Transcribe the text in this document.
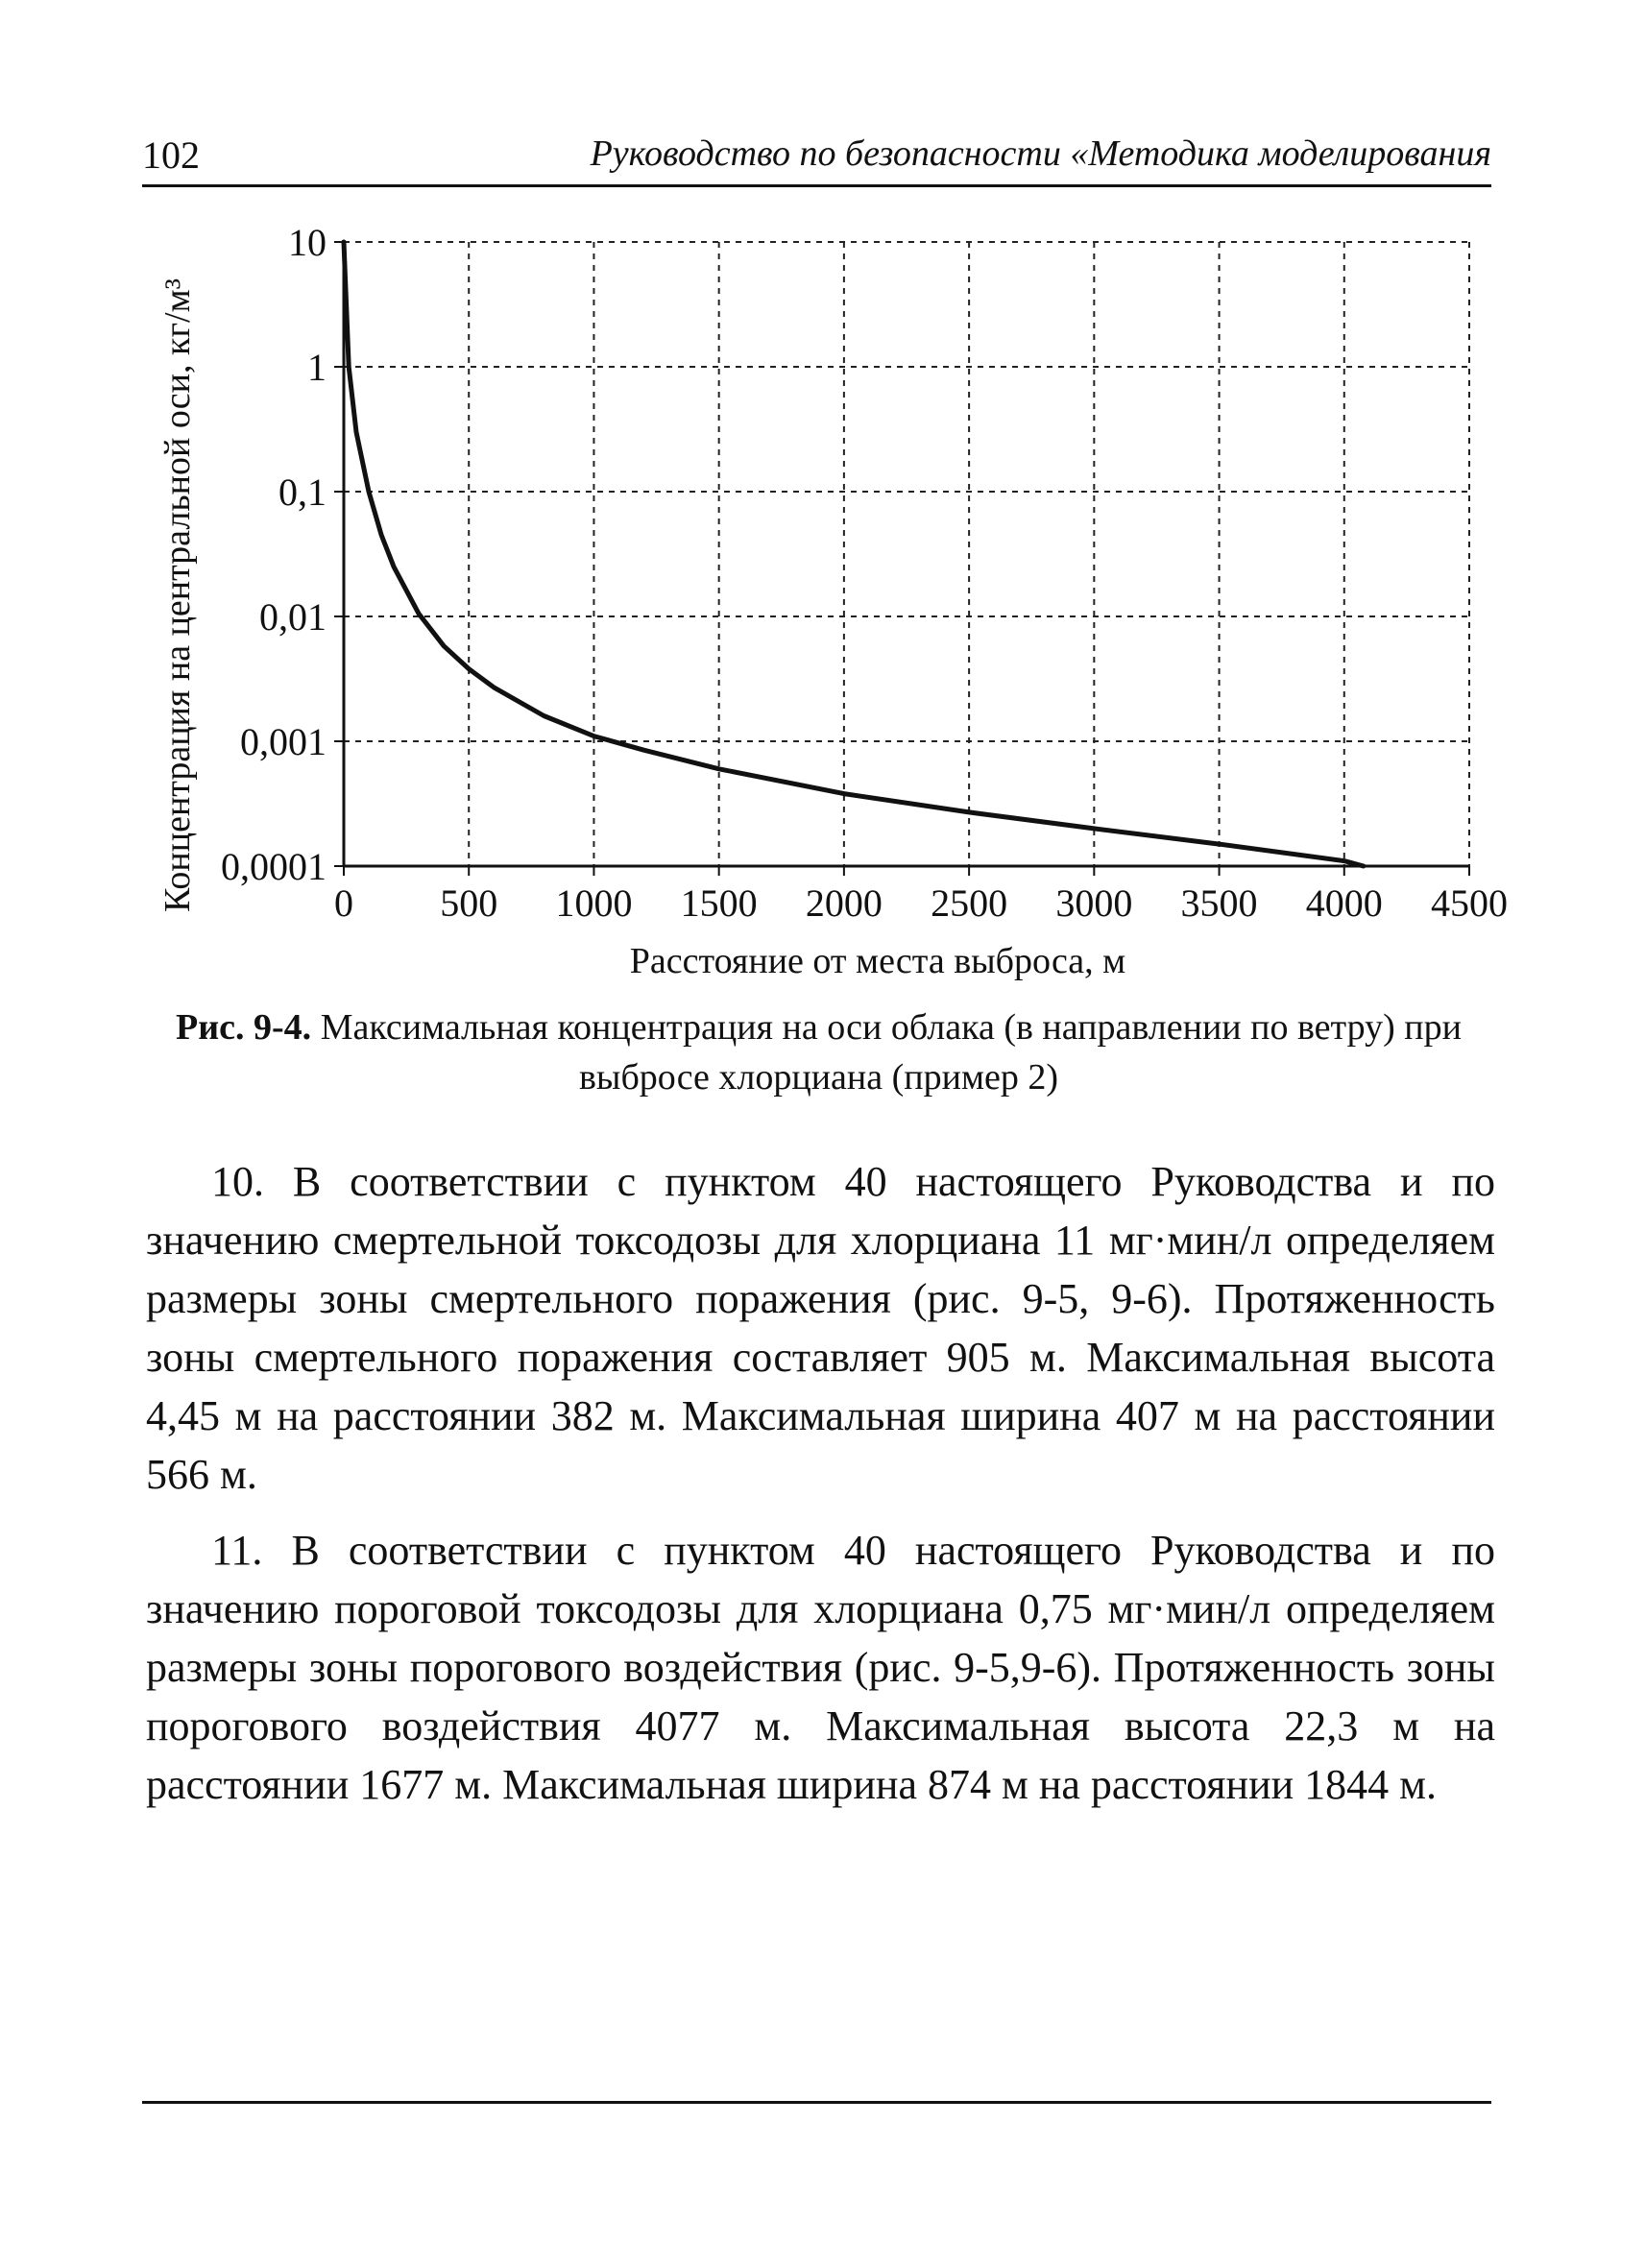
102	Руководство по безопасности «Методика моделирования
0 500 1000 1500 2000 2500 3000 3500 4000 4500
10
1
0,1
0,01
0,001
0,0001
Расстояние от места выброса, м
Концентрация на центральной оси, кг/м³
Рис. 9-4. Максимальная концентрация на оси облака (в направлении по ветру) при выбросе хлорциана (пример 2)

10. В соответствии с пунктом 40 настоящего Руководства и по значению смертельной токсодозы для хлорциана 11 мг·мин/л определяем размеры зоны смертельного поражения (рис. 9-5, 9-6). Протяженность зоны смертельного поражения составляет 905 м. Максимальная высота 4,45 м на расстоянии 382 м. Максимальная ширина 407 м на расстоянии 566 м.

11. В соответствии с пунктом 40 настоящего Руководства и по значению пороговой токсодозы для хлорциана 0,75 мг·мин/л определяем размеры зоны порогового воздействия (рис. 9-5,9-6). Протяженность зоны порогового воздействия 4077 м. Максимальная высота 22,3 м на расстоянии 1677 м. Максимальная ширина 874 м на расстоянии 1844 м.
